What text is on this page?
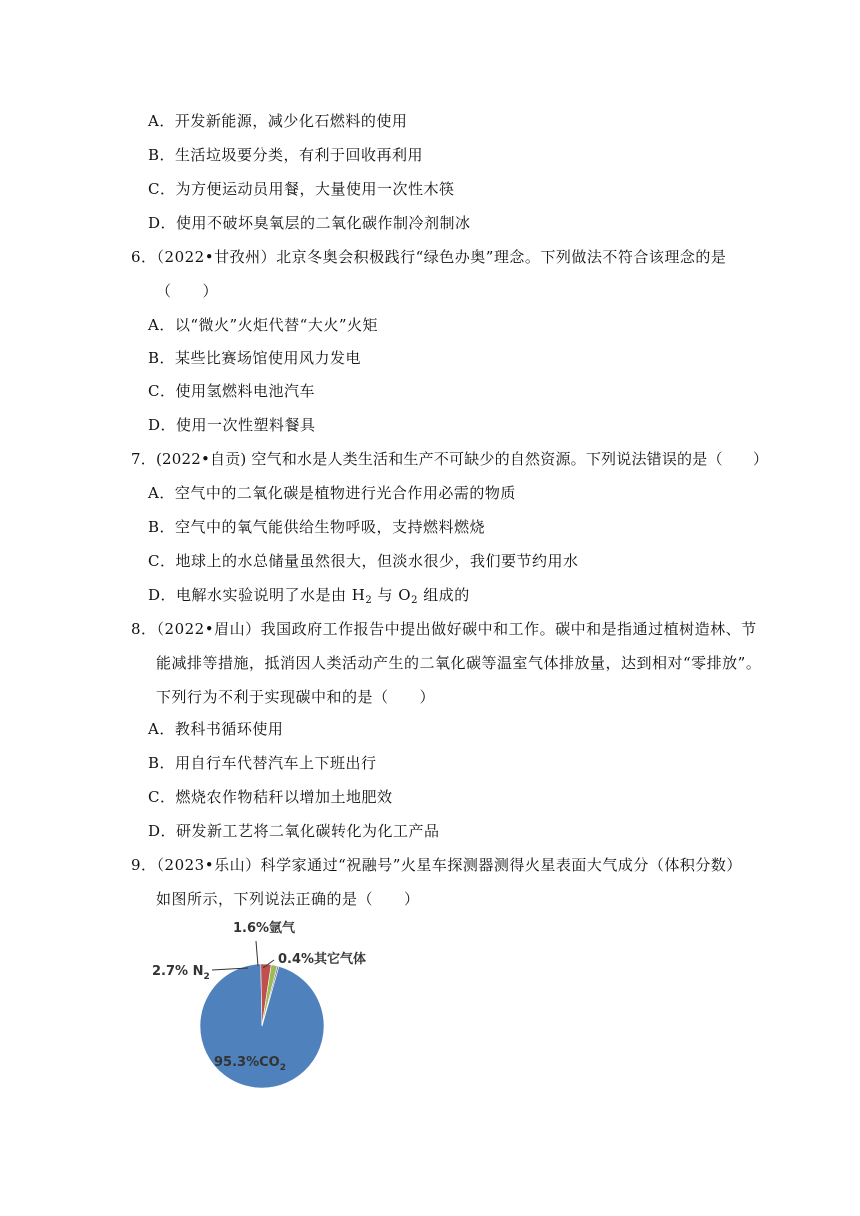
A．开发新能源，减少化石燃料的使用
B．生活垃圾要分类，有利于回收再利用
C．为方便运动员用餐，大量使用一次性木筷
D．使用不破坏臭氧层的二氧化碳作制冷剂制冰
6．（2022•甘孜州）北京冬奥会积极践行“绿色办奥”理念。下列做法不符合该理念的是
（　　）
A．以“微火”火炬代替“大火”火矩
B．某些比赛场馆使用风力发电
C．使用氢燃料电池汽车
D．使用一次性塑料餐具
7．(2022•自贡) 空气和水是人类生活和生产不可缺少的自然资源。下列说法错误的是（　　）
A．空气中的二氧化碳是植物进行光合作用必需的物质
B．空气中的氧气能供给生物呼吸，支持燃料燃烧
C．地球上的水总储量虽然很大，但淡水很少，我们要节约用水
D．电解水实验说明了水是由 $H_2$ 与 $O_2$ 组成的
8．（2022•眉山）我国政府工作报告中提出做好碳中和工作。碳中和是指通过植树造林、节
能减排等措施，抵消因人类活动产生的二氧化碳等温室气体排放量，达到相对“零排放”。
下列行为不利于实现碳中和的是（　　）
A．教科书循环使用
B．用自行车代替汽车上下班出行
C．燃烧农作物秸秆以增加土地肥效
D．研发新工艺将二氧化碳转化为化工产品
9．（2023•乐山）科学家通过“祝融号”火星车探测器测得火星表面大气成分（体积分数）
如图所示，下列说法正确的是（　　）
1.6%氩气
0.4%其它气体
2.7% $N_2$
$95.3\%CO_2$
